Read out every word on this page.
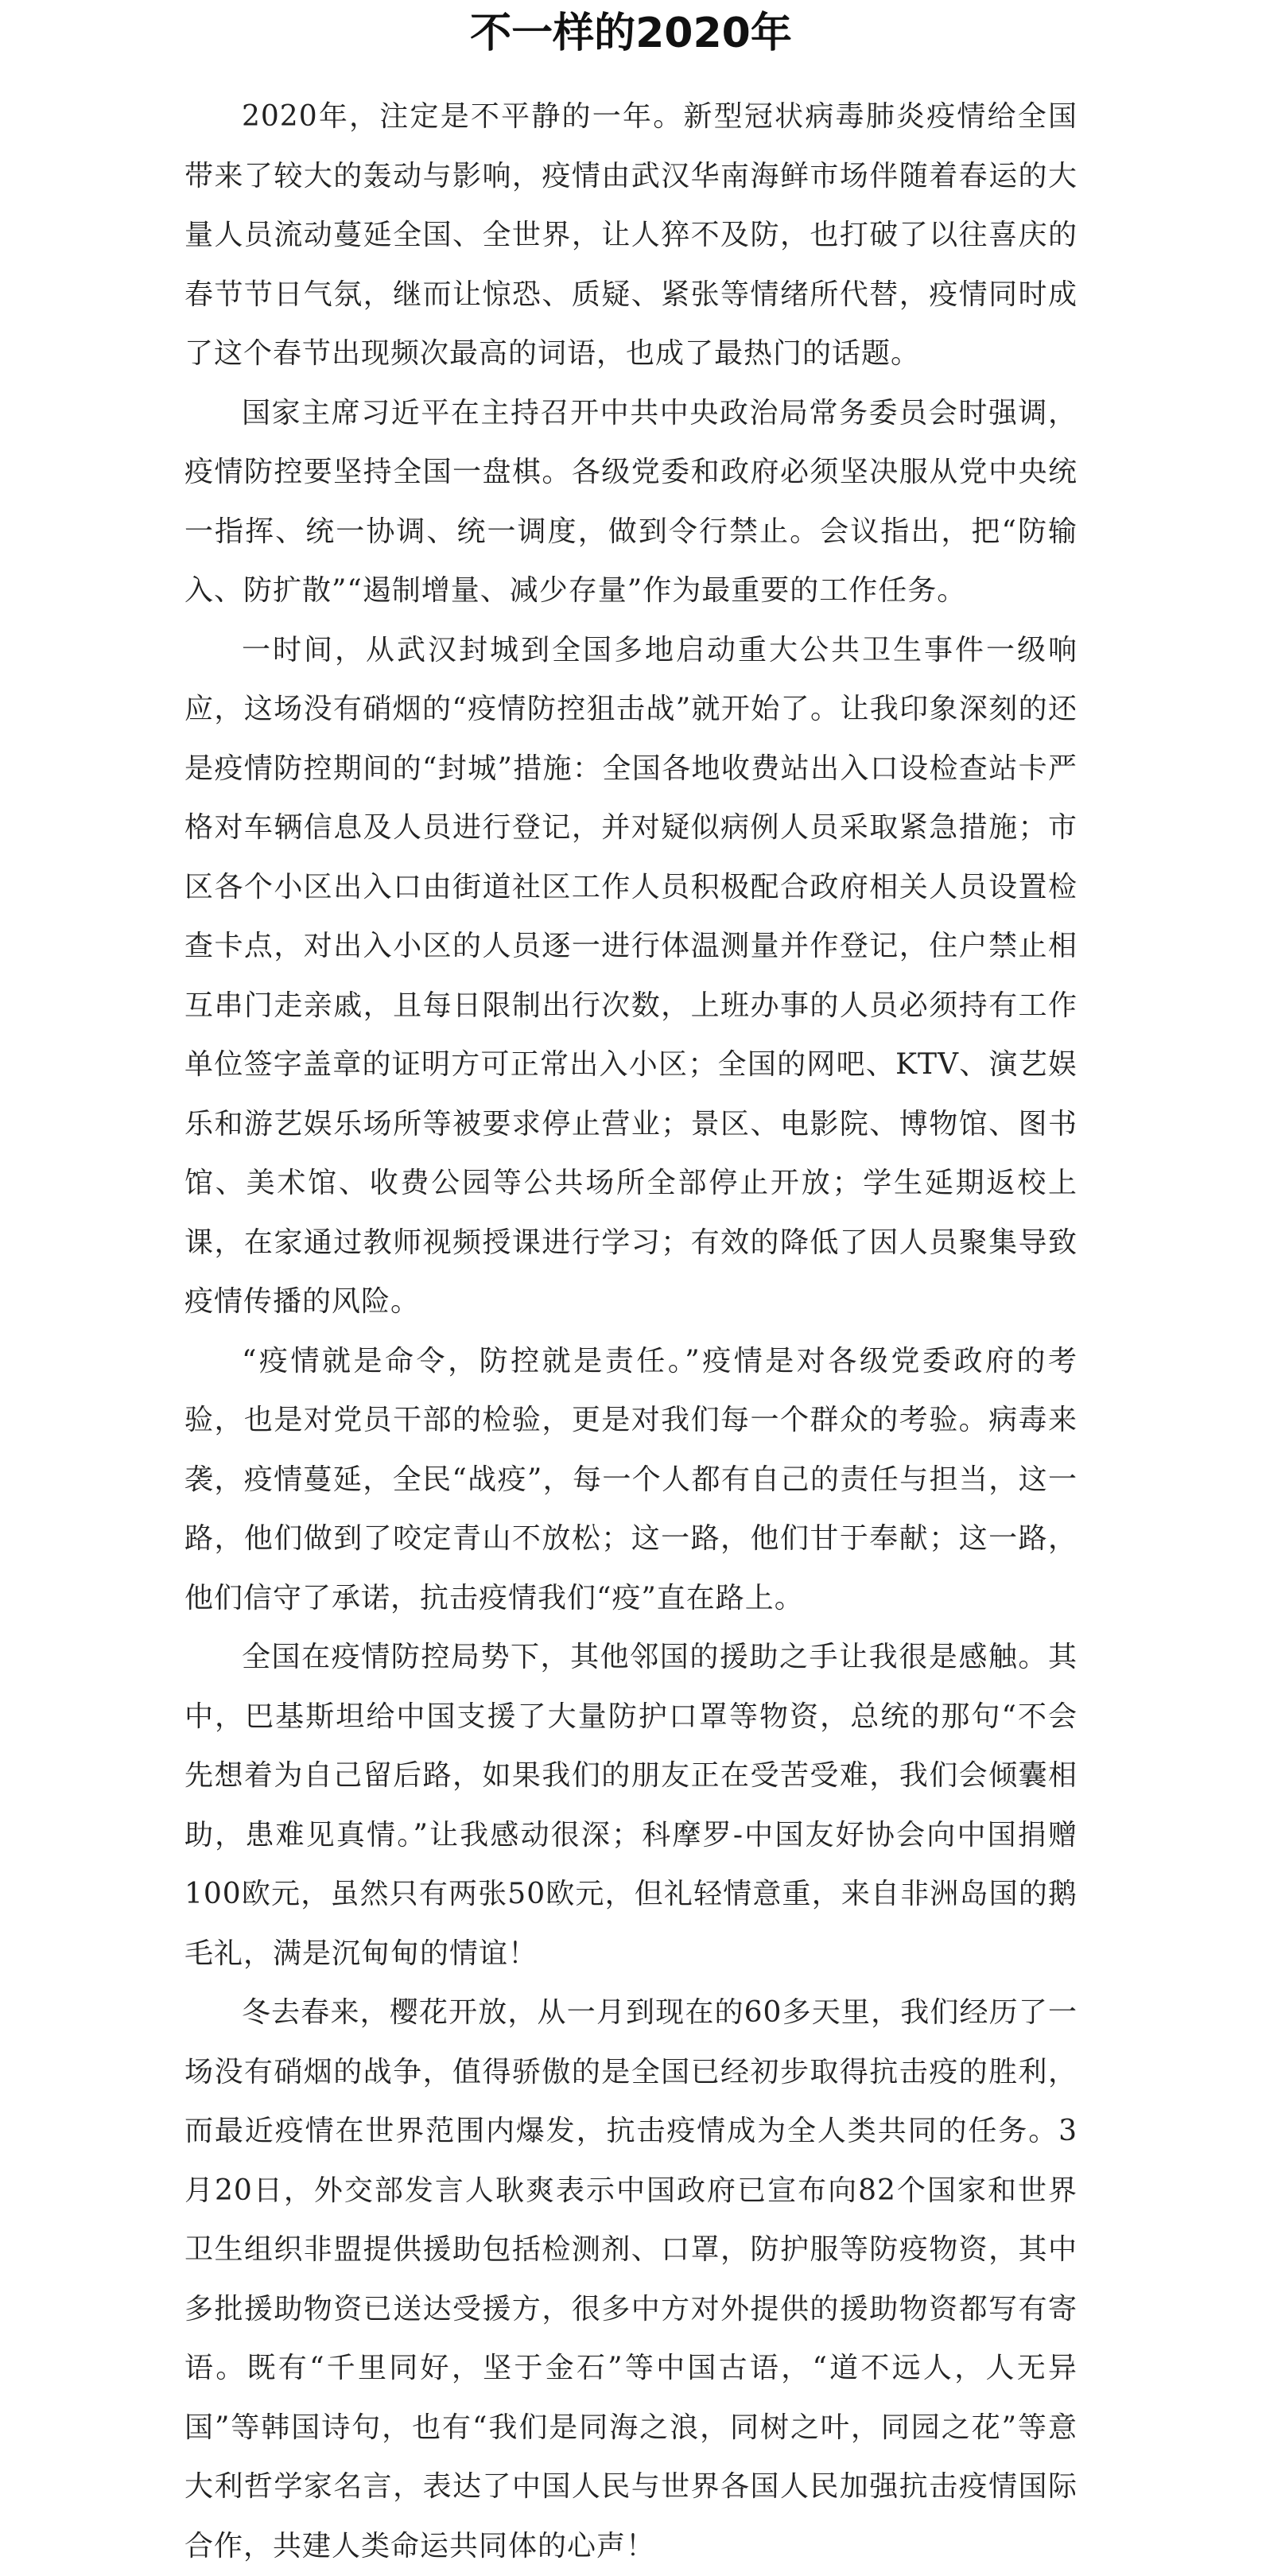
不一样的2020年

2020年，注定是不平静的一年。新型冠状病毒肺炎疫情给全国带来了较大的轰动与影响，疫情由武汉华南海鲜市场伴随着春运的大量人员流动蔓延全国、全世界，让人猝不及防，也打破了以往喜庆的春节节日气氛，继而让惊恐、质疑、紧张等情绪所代替，疫情同时成了这个春节出现频次最高的词语，也成了最热门的话题。

国家主席习近平在主持召开中共中央政治局常务委员会时强调，疫情防控要坚持全国一盘棋。各级党委和政府必须坚决服从党中央统一指挥、统一协调、统一调度，做到令行禁止。会议指出，把“防输入、防扩散”“遏制增量、减少存量”作为最重要的工作任务。

一时间，从武汉封城到全国多地启动重大公共卫生事件一级响应，这场没有硝烟的“疫情防控狙击战”就开始了。让我印象深刻的还是疫情防控期间的“封城”措施：全国各地收费站出入口设检查站卡严格对车辆信息及人员进行登记，并对疑似病例人员采取紧急措施；市区各个小区出入口由街道社区工作人员积极配合政府相关人员设置检查卡点，对出入小区的人员逐一进行体温测量并作登记，住户禁止相互串门走亲戚，且每日限制出行次数，上班办事的人员必须持有工作单位签字盖章的证明方可正常出入小区；全国的网吧、KTV、演艺娱乐和游艺娱乐场所等被要求停止营业；景区、电影院、博物馆、图书馆、美术馆、收费公园等公共场所全部停止开放；学生延期返校上课，在家通过教师视频授课进行学习；有效的降低了因人员聚集导致疫情传播的风险。

“疫情就是命令，防控就是责任。”疫情是对各级党委政府的考验，也是对党员干部的检验，更是对我们每一个群众的考验。病毒来袭，疫情蔓延，全民“战疫”，每一个人都有自己的责任与担当，这一路，他们做到了咬定青山不放松；这一路，他们甘于奉献；这一路，他们信守了承诺，抗击疫情我们“疫”直在路上。

全国在疫情防控局势下，其他邻国的援助之手让我很是感触。其中，巴基斯坦给中国支援了大量防护口罩等物资，总统的那句“不会先想着为自己留后路，如果我们的朋友正在受苦受难，我们会倾囊相助，患难见真情。”让我感动很深；科摩罗-中国友好协会向中国捐赠100欧元，虽然只有两张50欧元，但礼轻情意重，来自非洲岛国的鹅毛礼，满是沉甸甸的情谊！

冬去春来，樱花开放，从一月到现在的60多天里，我们经历了一场没有硝烟的战争，值得骄傲的是全国已经初步取得抗击疫的胜利，而最近疫情在世界范围内爆发，抗击疫情成为全人类共同的任务。3月20日，外交部发言人耿爽表示中国政府已宣布向82个国家和世界卫生组织非盟提供援助包括检测剂、口罩，防护服等防疫物资，其中多批援助物资已送达受援方，很多中方对外提供的援助物资都写有寄语。既有“千里同好，坚于金石”等中国古语，“道不远人，人无异国”等韩国诗句，也有“我们是同海之浪，同树之叶，同园之花”等意大利哲学家名言，表达了中国人民与世界各国人民加强抗击疫情国际合作，共建人类命运共同体的心声！
